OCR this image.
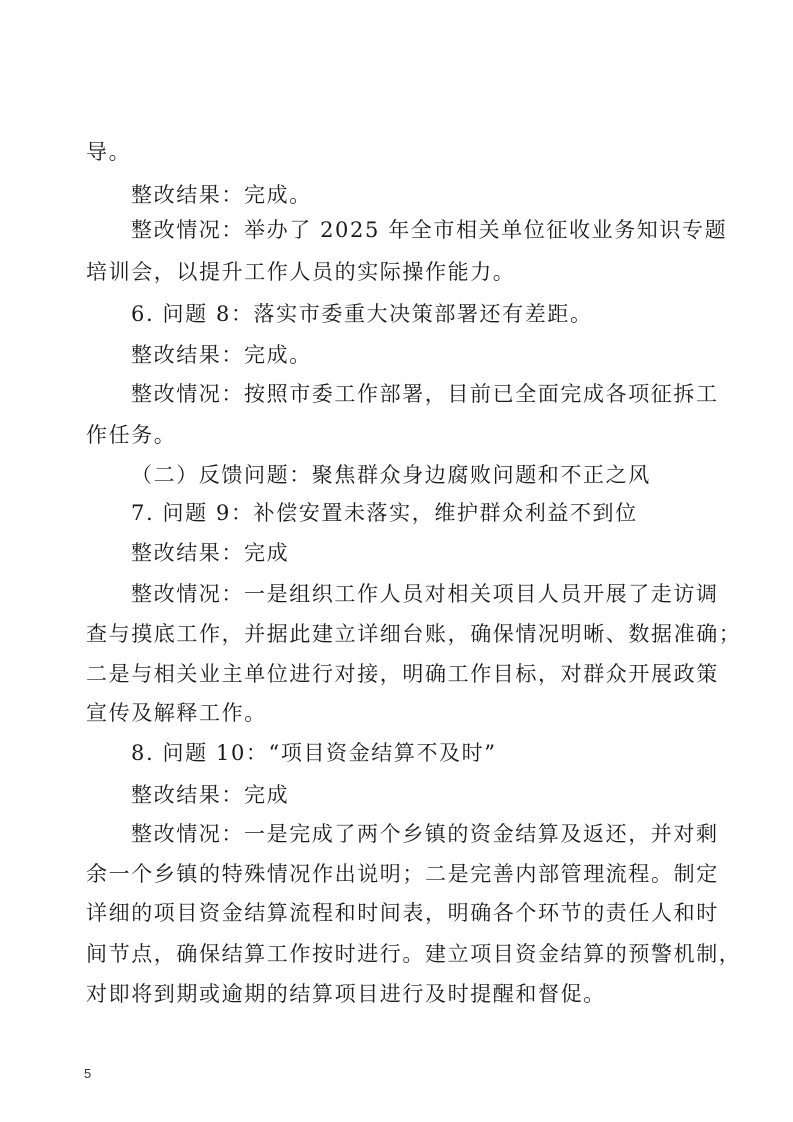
导。
整改结果：完成。
整改情况：举办了 2025 年全市相关单位征收业务知识专题
培训会，以提升工作人员的实际操作能力。
6. 问题 8：落实市委重大决策部署还有差距。
整改结果：完成。
整改情况：按照市委工作部署，目前已全面完成各项征拆工
作任务。
（二）反馈问题：聚焦群众身边腐败问题和不正之风
7. 问题 9：补偿安置未落实，维护群众利益不到位
整改结果：完成
整改情况：一是组织工作人员对相关项目人员开展了走访调
查与摸底工作，并据此建立详细台账，确保情况明晰、数据准确；
二是与相关业主单位进行对接，明确工作目标，对群众开展政策
宣传及解释工作。
8. 问题 10：“项目资金结算不及时”
整改结果：完成
整改情况：一是完成了两个乡镇的资金结算及返还，并对剩
余一个乡镇的特殊情况作出说明；二是完善内部管理流程。制定
详细的项目资金结算流程和时间表，明确各个环节的责任人和时
间节点，确保结算工作按时进行。建立项目资金结算的预警机制，
对即将到期或逾期的结算项目进行及时提醒和督促。
5
